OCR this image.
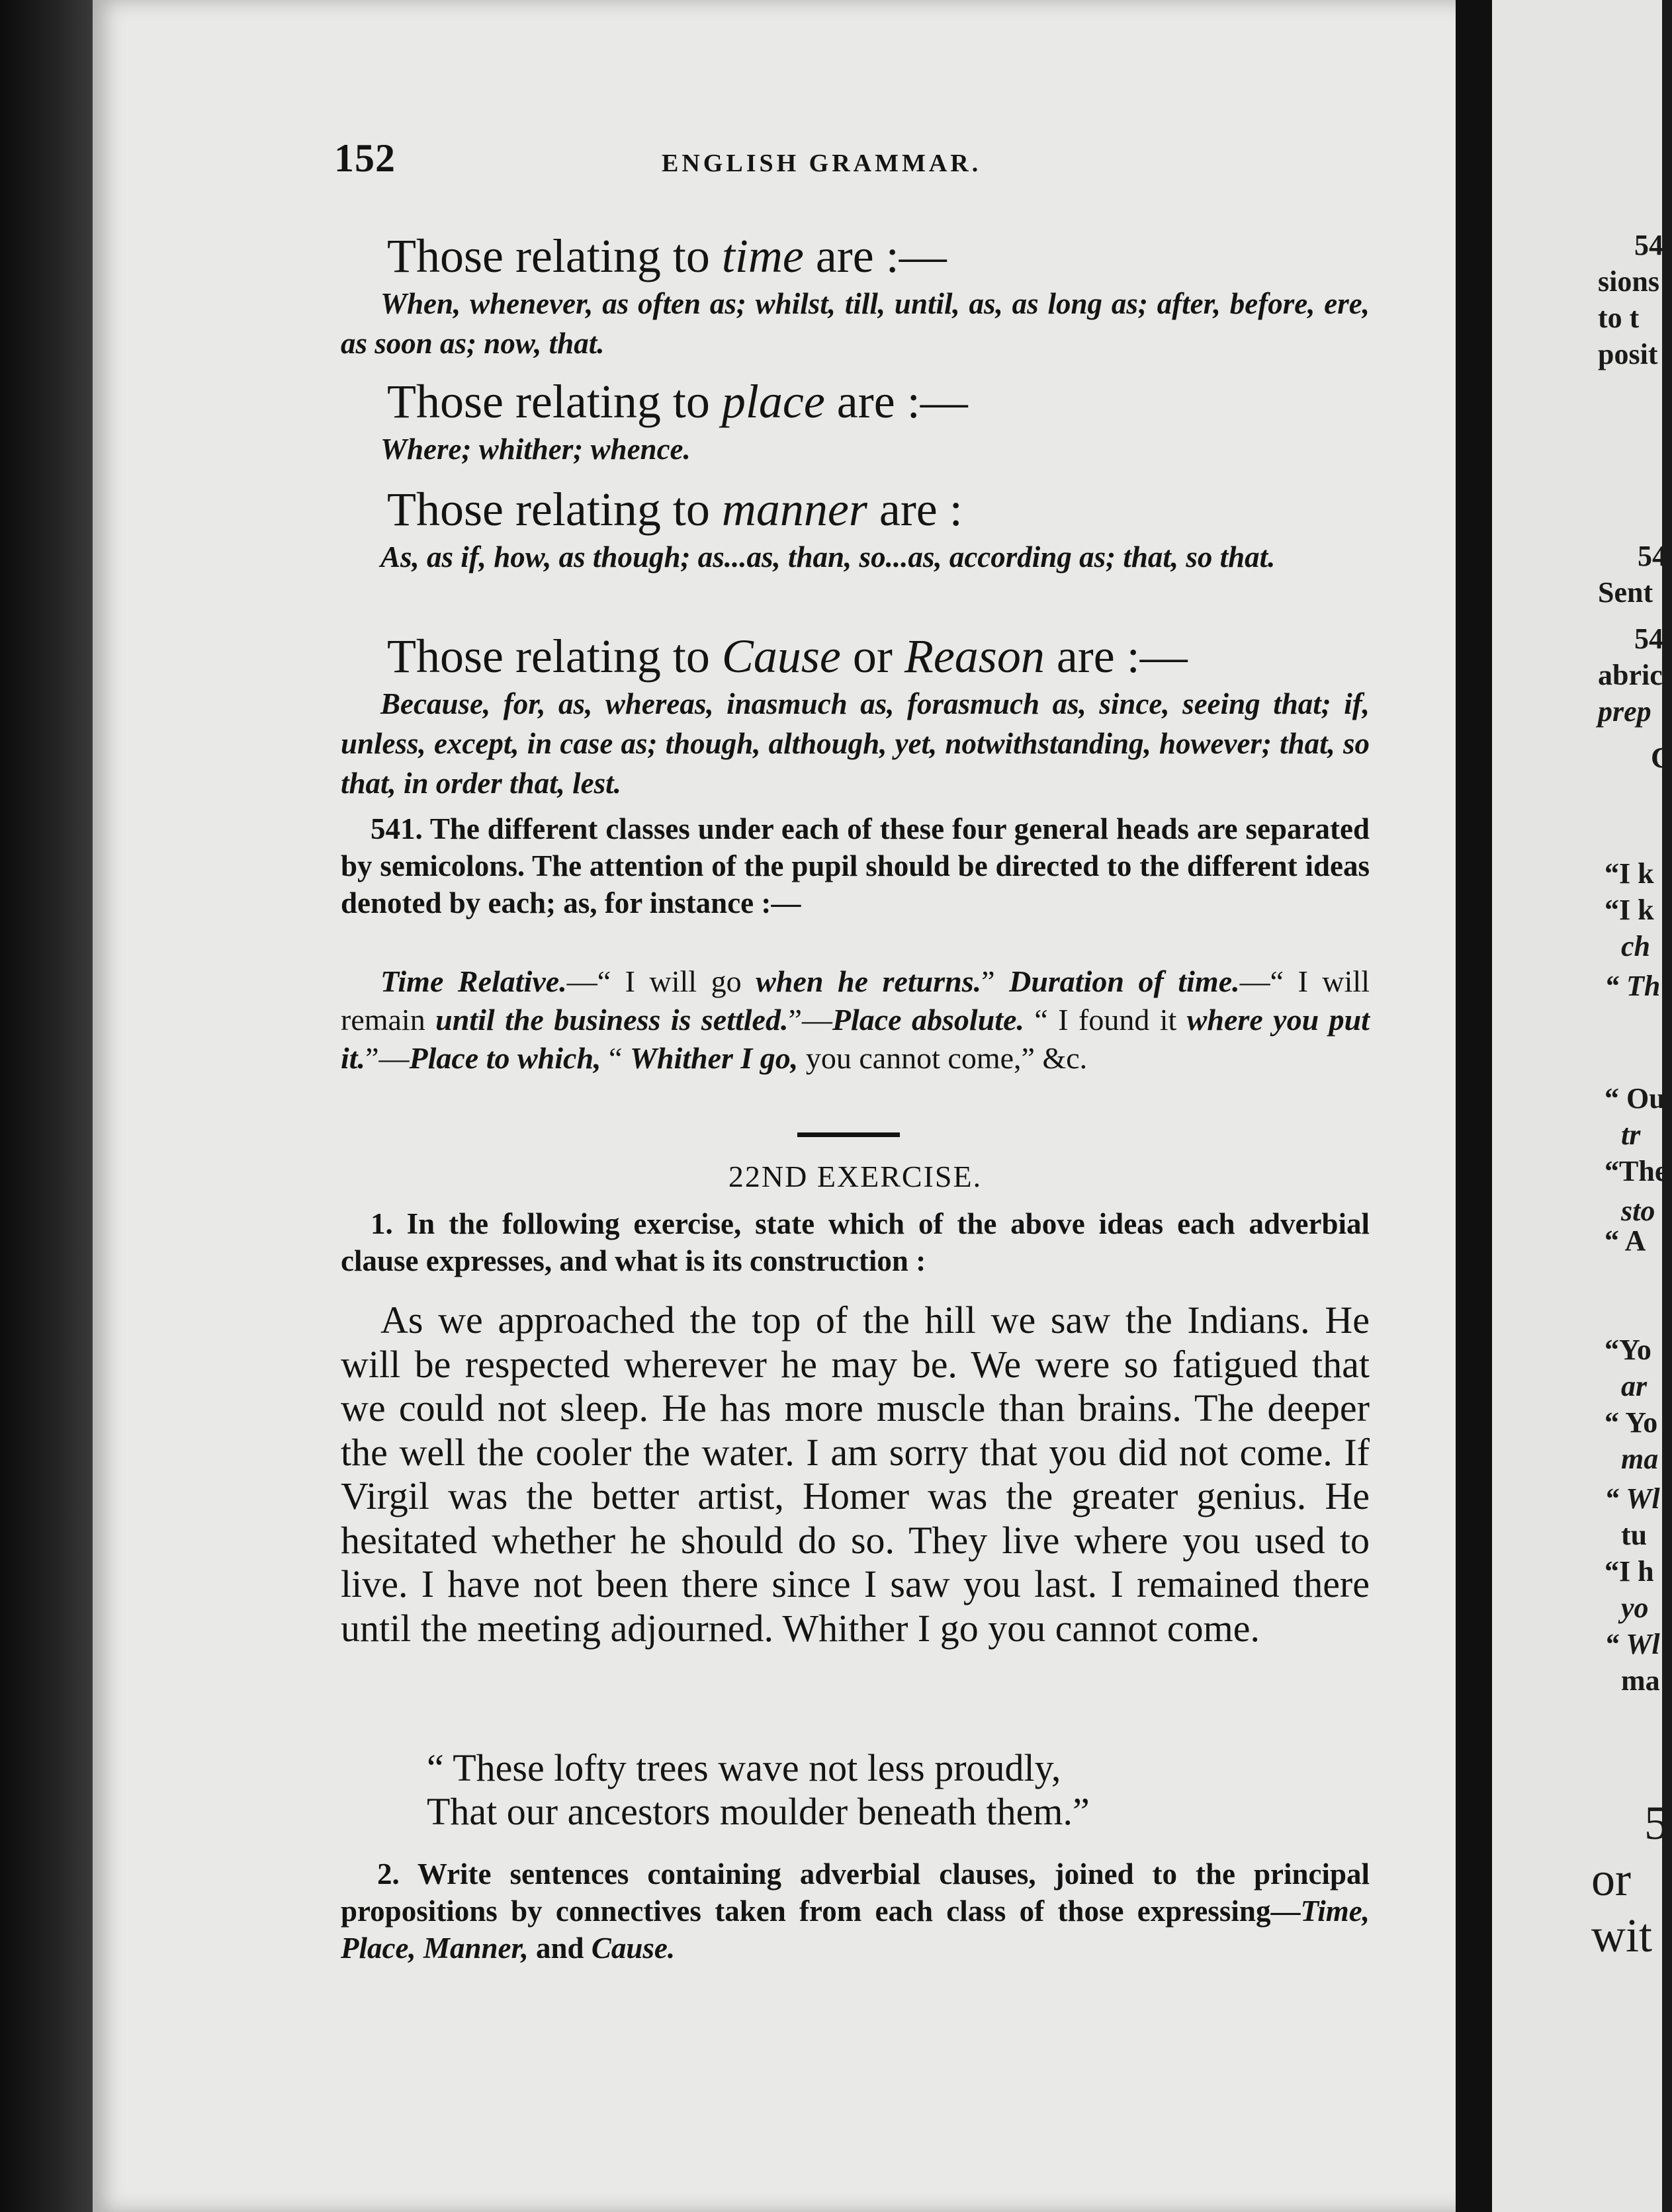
152	ENGLISH GRAMMAR.
Those relating to time are :—
When, whenever, as often as; whilst, till, until, as, as long as; after, before, ere, as soon as; now, that.
Those relating to place are :—
Where; whither; whence.
Those relating to manner are :
As, as if, how, as though; as...as, than, so...as, according as; that, so that.
Those relating to Cause or Reason are :—
Because, for, as, whereas, inasmuch as, forasmuch as, since, seeing that; if, unless, except, in case as; though, although, yet, notwithstanding, however; that, so that, in order that, lest.
541. The different classes under each of these four general heads are separated by semicolons. The attention of the pupil should be directed to the different ideas denoted by each; as, for instance :—
Time Relative.—“ I will go when he returns.” Duration of time.—“ I will remain until the business is settled.”—Place absolute. “ I found it where you put it.”—Place to which, “ Whither I go, you cannot come,” &c.
22ND EXERCISE.
1. In the following exercise, state which of the above ideas each adverbial clause expresses, and what is its construction :
As we approached the top of the hill we saw the Indians. He will be respected wherever he may be. We were so fatigued that we could not sleep. He has more muscle than brains. The deeper the well the cooler the water. I am sorry that you did not come. If Virgil was the better artist, Homer was the greater genius. He hesitated whether he should do so. They live where you used to live. I have not been there since I saw you last. I remained there until the meeting adjourned. Whither I go you cannot come.
“ These lofty trees wave not less proudly,
That our ancestors moulder beneath them.”
2. Write sentences containing adverbial clauses, joined to the principal propositions by connectives taken from each class of those expressing—Time, Place, Manner, and Cause.
54
sions
to t
posit
54
Sent
54
abric
prep
C
“I k
“I k
ch
“ Th
“ Ou
tr
“The
sto
“ A
“Yo
ar
“ Yo
ma
“ Wl
tu
“I h
yo
“ Wl
ma
5
or
wit
